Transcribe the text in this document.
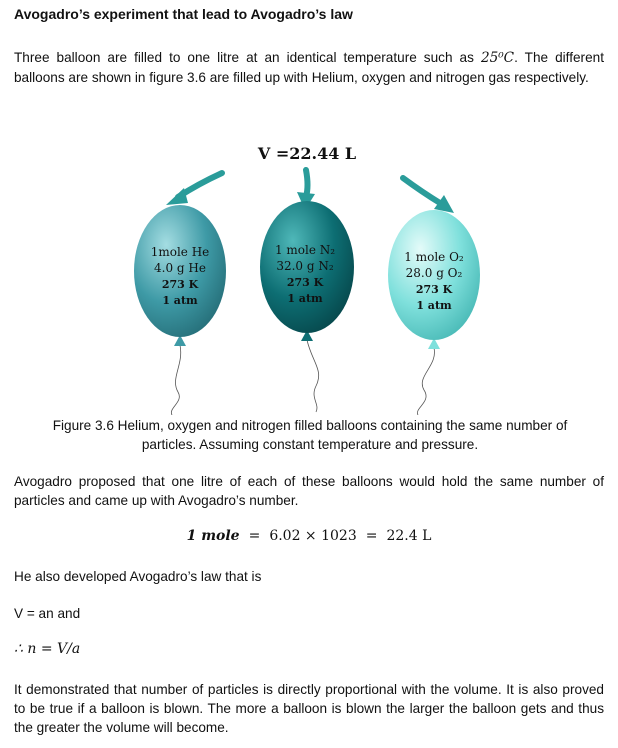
Avogadro’s experiment that lead to Avogadro’s law
Three balloon are filled to one litre at an identical temperature such as 25⁰C. The different balloons are shown in figure 3.6 are filled up with Helium, oxygen and nitrogen gas respectively.
V =22.44 L
1mole He
4.0 g He
273 K
1 atm
1 mole N₂
32.0 g N₂
273 K
1 atm
1 mole O₂
28.0 g O₂
273 K
1 atm
Figure 3.6 Helium, oxygen and nitrogen filled balloons containing the same number of particles. Assuming constant temperature and pressure.
Avogadro proposed that one litre of each of these balloons would hold the same number of particles and came up with Avogadro’s number.
1 mole = 6.02 × 1023 = 22.4 L
He also developed Avogadro’s law that is
V = an and
∴ n = V/a
It demonstrated that number of particles is directly proportional with the volume. It is also proved to be true if a balloon is blown. The more a balloon is blown the larger the balloon gets and thus the greater the volume will become.
